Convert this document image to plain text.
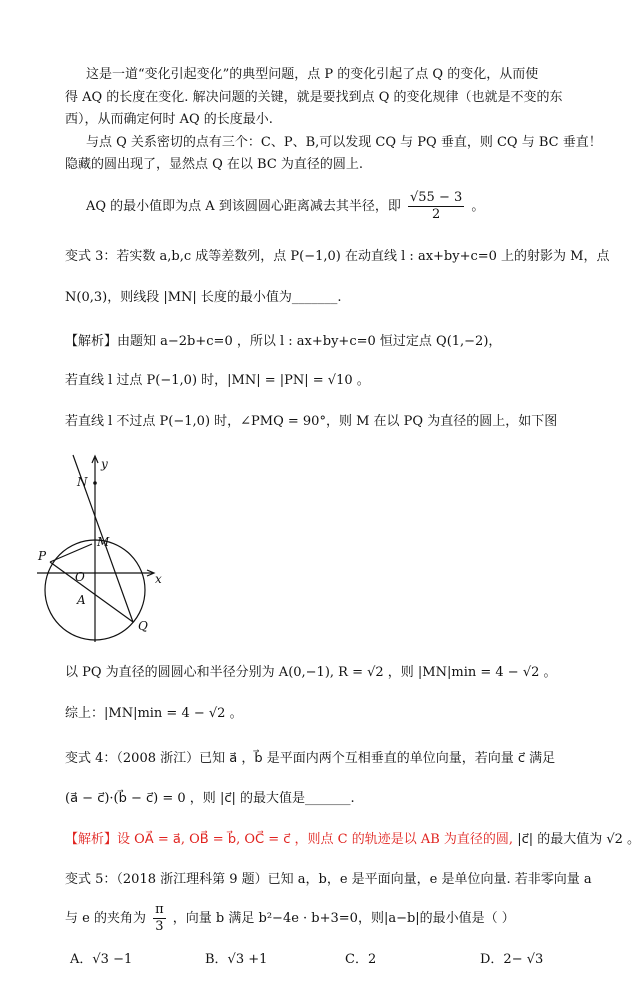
这是一道“变化引起变化”的典型问题，点 P 的变化引起了点 Q 的变化，从而使
得 AQ 的长度在变化. 解决问题的关键，就是要找到点 Q 的变化规律（也就是不变的东
西），从而确定何时 AQ 的长度最小.
与点 Q 关系密切的点有三个：C、P、B,可以发现 CQ 与 PQ 垂直，则 CQ 与 BC 垂直！
隐藏的圆出现了，显然点 Q 在以 BC 为直径的圆上.
AQ 的最小值即为点 A 到该圆圆心距离减去其半径，即 $\frac{√55 - 3}{2}$ 。
变式 3：若实数 a,b,c 成等差数列，点 P(−1,0) 在动直线 l : ax+by+c=0 上的射影为 M，点
N(0,3)，则线段 |MN| 长度的最小值为_______.
【解析】由题知 a−2b+c=0 ，所以 l : ax+by+c=0 恒过定点 Q(1,−2)，
若直线 l 过点 P(−1,0) 时，|MN| = |PN| = √10 。
若直线 l 不过点 P(−1,0) 时，∠PMQ = 90°，则 M 在以 PQ 为直径的圆上，如下图
y
x
N
M
P
O
A
Q
以 PQ 为直径的圆圆心和半径分别为 A(0,−1), R = √2 ，则 |MN|min = 4 − √2 。
综上：|MN|min = 4 − √2 。
变式 4：（2008 浙江）已知 a⃗ ，b⃗ 是平面内两个互相垂直的单位向量，若向量 c⃗ 满足
(a⃗ − c⃗)·(b⃗ − c⃗) = 0 ，则 |c⃗| 的最大值是_______.
【解析】设 OA⃗ = a⃗, OB⃗ = b⃗, OC⃗ = c⃗ ，则点 C 的轨迹是以 AB 为直径的圆, |c⃗| 的最大值为 √2 。
变式 5：（2018 浙江理科第 9 题）已知 a，b，e 是平面向量，e 是单位向量. 若非零向量 a
与 e 的夹角为 $\frac{\pi}{3}$ ，向量 b 满足 b²−4e · b+3=0，则|a−b|的最小值是（ ）
A．√3 −1	B．√3 +1	C．2	D．2− √3
